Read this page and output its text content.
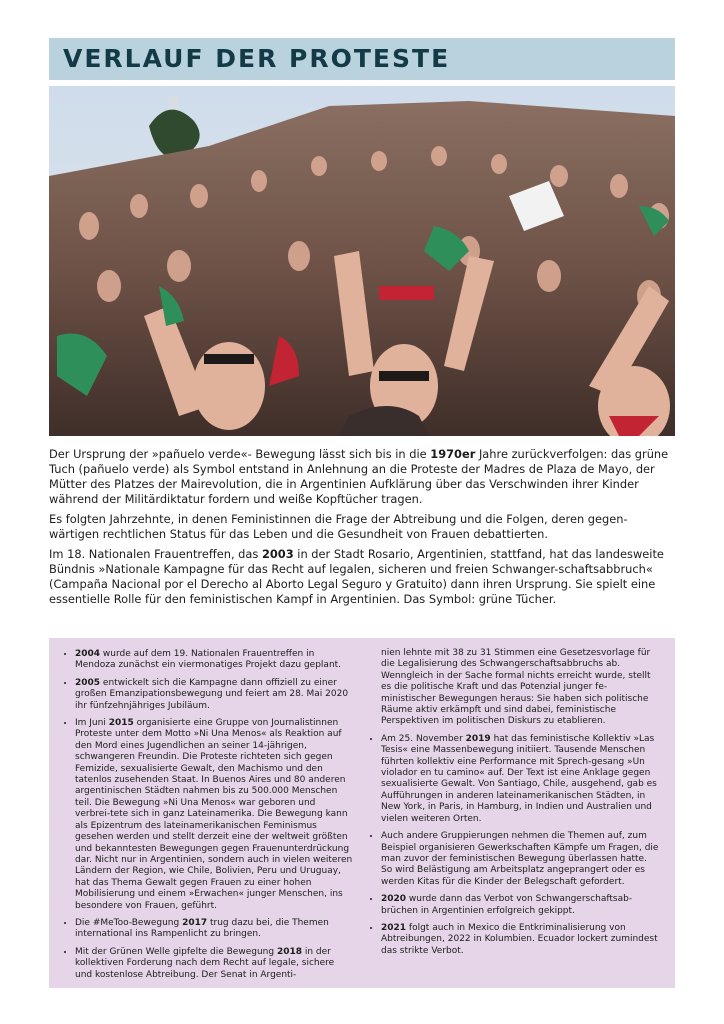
VERLAUF DER PROTESTE

Der Ursprung der »pañuelo verde«- Bewegung lässt sich bis in die 1970er Jahre zurückverfolgen: das grüne Tuch (pañuelo verde) als Symbol entstand in Anlehnung an die Proteste der Madres de Plaza de Mayo, der Mütter des Platzes der Mairevolution, die in Argentinien Aufklärung über das Verschwinden ihrer Kinder während der Militärdiktatur fordern und weiße Kopftücher tragen.

Es folgten Jahrzehnte, in denen Feministinnen die Frage der Abtreibung und die Folgen, deren gegen-wärtigen rechtlichen Status für das Leben und die Gesundheit von Frauen debattierten.

Im 18. Nationalen Frauentreffen, das 2003 in der Stadt Rosario, Argentinien, stattfand, hat das landesweite Bündnis »Nationale Kampagne für das Recht auf legalen, sicheren und freien Schwanger-schaftsabbruch« (Campaña Nacional por el Derecho al Aborto Legal Seguro y Gratuito) dann ihren Ursprung. Sie spielt eine essentielle Rolle für den feministischen Kampf in Argentinien. Das Symbol: grüne Tücher.

• 2004 wurde auf dem 19. Nationalen Frauentreffen in Mendoza zunächst ein viermonatiges Projekt dazu geplant.
• 2005 entwickelt sich die Kampagne dann offiziell zu einer großen Emanzipationsbewegung und feiert am 28. Mai 2020 ihr fünfzehnjähriges Jubiläum.
• Im Juni 2015 organisierte eine Gruppe von Journalistinnen Proteste unter dem Motto »Ni Una Menos« als Reaktion auf den Mord eines Jugendlichen an seiner 14-jährigen, schwangeren Freundin. Die Proteste richteten sich gegen Femizide, sexualisierte Gewalt, den Machismo und den tatenlos zusehenden Staat. In Buenos Aires und 80 anderen argentinischen Städten nahmen bis zu 500.000 Menschen teil. Die Bewegung »Ni Una Menos« war geboren und verbrei-tete sich in ganz Lateinamerika. Die Bewegung kann als Epizentrum des lateinamerikanischen Feminismus gesehen werden und stellt derzeit eine der weltweit größten und bekanntesten Bewegungen gegen Frauenunterdrückung dar. Nicht nur in Argentinien, sondern auch in vielen weiteren Ländern der Region, wie Chile, Bolivien, Peru und Uruguay, hat das Thema Gewalt gegen Frauen zu einer hohen Mobilisierung und einem »Erwachen« junger Menschen, ins besondere von Frauen, geführt.
• Die #MeToo-Bewegung 2017 trug dazu bei, die Themen international ins Rampenlicht zu bringen.
• Mit der Grünen Welle gipfelte die Bewegung 2018 in der kollektiven Forderung nach dem Recht auf legale, sichere und kostenlose Abtreibung. Der Senat in Argenti-

nien lehnte mit 38 zu 31 Stimmen eine Gesetzesvorlage für die Legalisierung des Schwangerschaftsabbruchs ab. Wenngleich in der Sache formal nichts erreicht wurde, stellt es die politische Kraft und das Potenzial junger fe-ministischer Bewegungen heraus: Sie haben sich politische Räume aktiv erkämpft und sind dabei, feministische Perspektiven im politischen Diskurs zu etablieren.

• Am 25. November 2019 hat das feministische Kollektiv »Las Tesis« eine Massenbewegung initiiert. Tausende Menschen führten kollektiv eine Performance mit Sprech-gesang »Un violador en tu camino« auf. Der Text ist eine Anklage gegen sexualisierte Gewalt. Von Santiago, Chile, ausgehend, gab es Aufführungen in anderen lateinamerikanischen Städten, in New York, in Paris, in Hamburg, in Indien und Australien und vielen weiteren Orten.
• Auch andere Gruppierungen nehmen die Themen auf, zum Beispiel organisieren Gewerkschaften Kämpfe um Fragen, die man zuvor der feministischen Bewegung überlassen hatte. So wird Belästigung am Arbeitsplatz angeprangert oder es werden Kitas für die Kinder der Belegschaft gefordert.
• 2020 wurde dann das Verbot von Schwangerschaftsab-brüchen in Argentinien erfolgreich gekippt.
• 2021 folgt auch in Mexico die Entkriminalisierung von Abtreibungen, 2022 in Kolumbien. Ecuador lockert zumindest das strikte Verbot.
